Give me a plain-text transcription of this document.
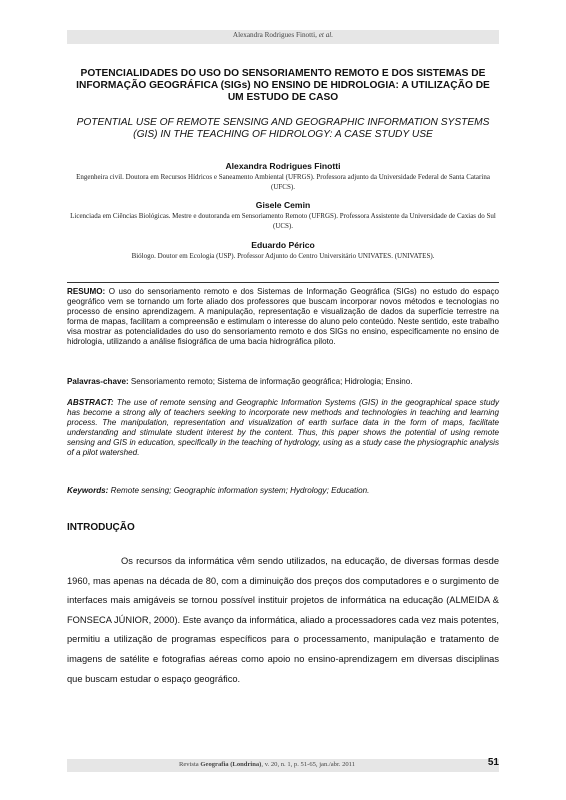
Alexandra Rodrigues Finotti, et al.
POTENCIALIDADES DO USO DO SENSORIAMENTO REMOTO E DOS SISTEMAS DE INFORMAÇÃO GEOGRÁFICA (SIGs) NO ENSINO DE HIDROLOGIA: A UTILIZAÇÃO DE UM ESTUDO DE CASO
POTENTIAL USE OF REMOTE SENSING AND GEOGRAPHIC INFORMATION SYSTEMS (GIS) IN THE TEACHING OF HIDROLOGY: A CASE STUDY USE
Alexandra Rodrigues Finotti
Engenheira civil. Doutora em Recursos Hídricos e Saneamento Ambiental (UFRGS). Professora adjunto da Universidade Federal de Santa Catarina (UFCS).
Gisele Cemin
Licenciada em Ciências Biológicas. Mestre e doutoranda em Sensoriamento Remoto (UFRGS). Professora Assistente da Universidade de Caxias do Sul (UCS).
Eduardo Périco
Biólogo. Doutor em Ecologia (USP). Professor Adjunto do Centro Universitário UNIVATES. (UNIVATES).
RESUMO: O uso do sensoriamento remoto e dos Sistemas de Informação Geográfica (SIGs) no estudo do espaço geográfico vem se tornando um forte aliado dos professores que buscam incorporar novos métodos e tecnologias no processo de ensino aprendizagem. A manipulação, representação e visualização de dados da superfície terrestre na forma de mapas, facilitam a compreensão e estimulam o interesse do aluno pelo conteúdo. Neste sentido, este trabalho visa mostrar as potencialidades do uso do sensoriamento remoto e dos SIGs no ensino, especificamente no ensino de hidrologia, utilizando a análise fisiográfica de uma bacia hidrográfica piloto.
Palavras-chave: Sensoriamento remoto; Sistema de informação geográfica; Hidrologia; Ensino.
ABSTRACT: The use of remote sensing and Geographic Information Systems (GIS) in the geographical space study has become a strong ally of teachers seeking to incorporate new methods and technologies in teaching and learning process. The manipulation, representation and visualization of earth surface data in the form of maps, facilitate understanding and stimulate student interest by the content. Thus, this paper shows the potential of using remote sensing and GIS in education, specifically in the teaching of hydrology, using as a study case the physiographic analysis of a pilot watershed.
Keywords: Remote sensing; Geographic information system; Hydrology; Education.
INTRODUÇÃO
Os recursos da informática vêm sendo utilizados, na educação, de diversas formas desde 1960, mas apenas na década de 80, com a diminuição dos preços dos computadores e o surgimento de interfaces mais amigáveis se tornou possível instituir projetos de informática na educação (ALMEIDA & FONSECA JÚNIOR, 2000). Este avanço da informática, aliado a processadores cada vez mais potentes, permitiu a utilização de programas específicos para o processamento, manipulação e tratamento de imagens de satélite e fotografias aéreas como apoio no ensino-aprendizagem em diversas disciplinas que buscam estudar o espaço geográfico.
Revista Geografia (Londrina), v. 20, n. 1, p. 51-65, jan./abr. 2011	51
